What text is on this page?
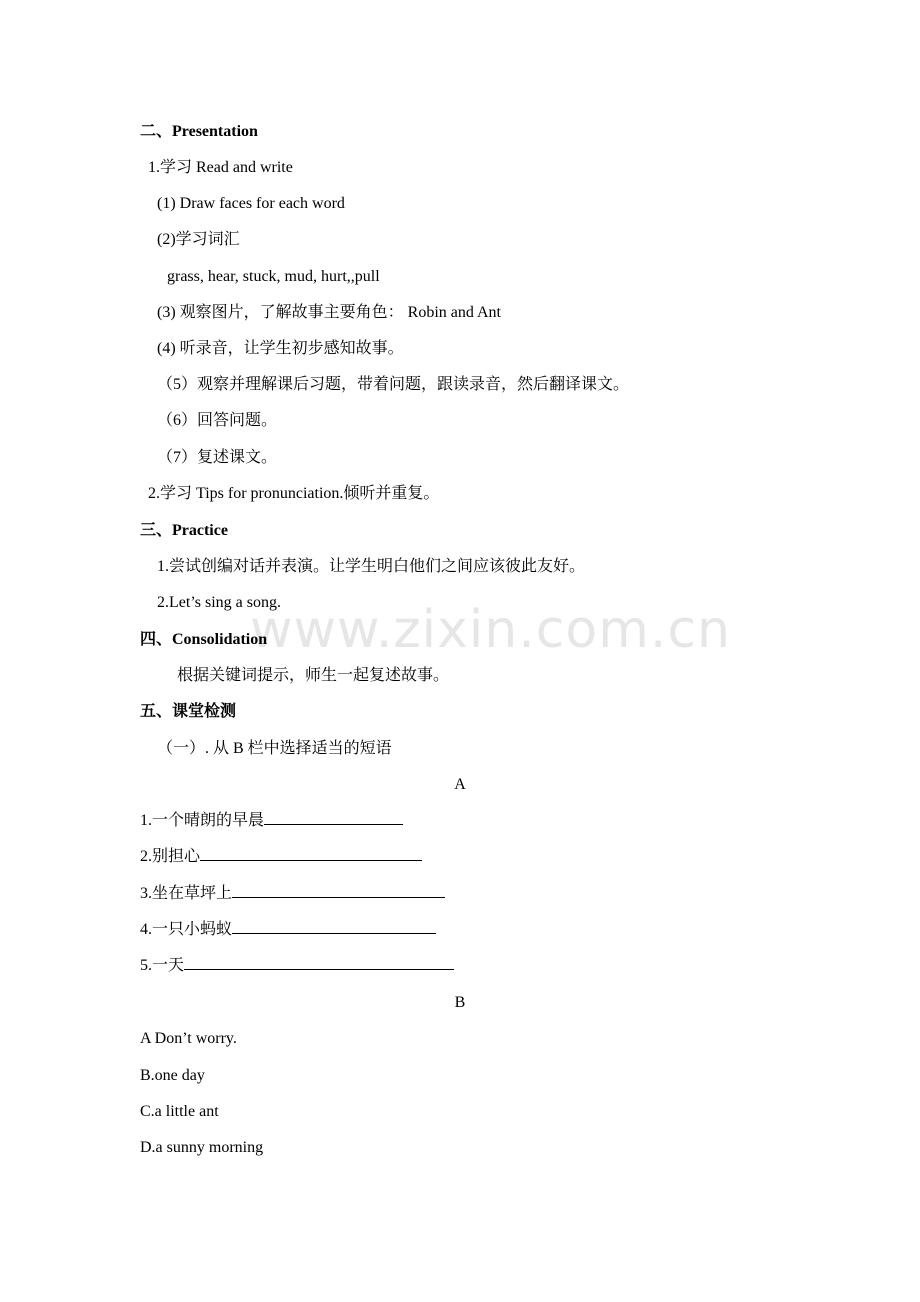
www.zixin.com.cn
二、Presentation
1.学习 Read and write
(1) Draw faces for each word
(2)学习词汇
grass, hear, stuck, mud, hurt,,pull
(3) 观察图片，了解故事主要角色： Robin and Ant
(4) 听录音，让学生初步感知故事。
（5）观察并理解课后习题，带着问题，跟读录音，然后翻译课文。
（6）回答问题。
（7）复述课文。
2.学习 Tips for pronunciation.倾听并重复。
三、Practice
1.尝试创编对话并表演。让学生明白他们之间应该彼此友好。
2.Let’s sing a song.
四、Consolidation
根据关键词提示，师生一起复述故事。
五、课堂检测
（一）. 从 B 栏中选择适当的短语
A
1.一个晴朗的早晨
2.别担心
3.坐在草坪上
4.一只小蚂蚁
5.一天
B
A Don’t worry.
B.one day
C.a little ant
D.a sunny morning
